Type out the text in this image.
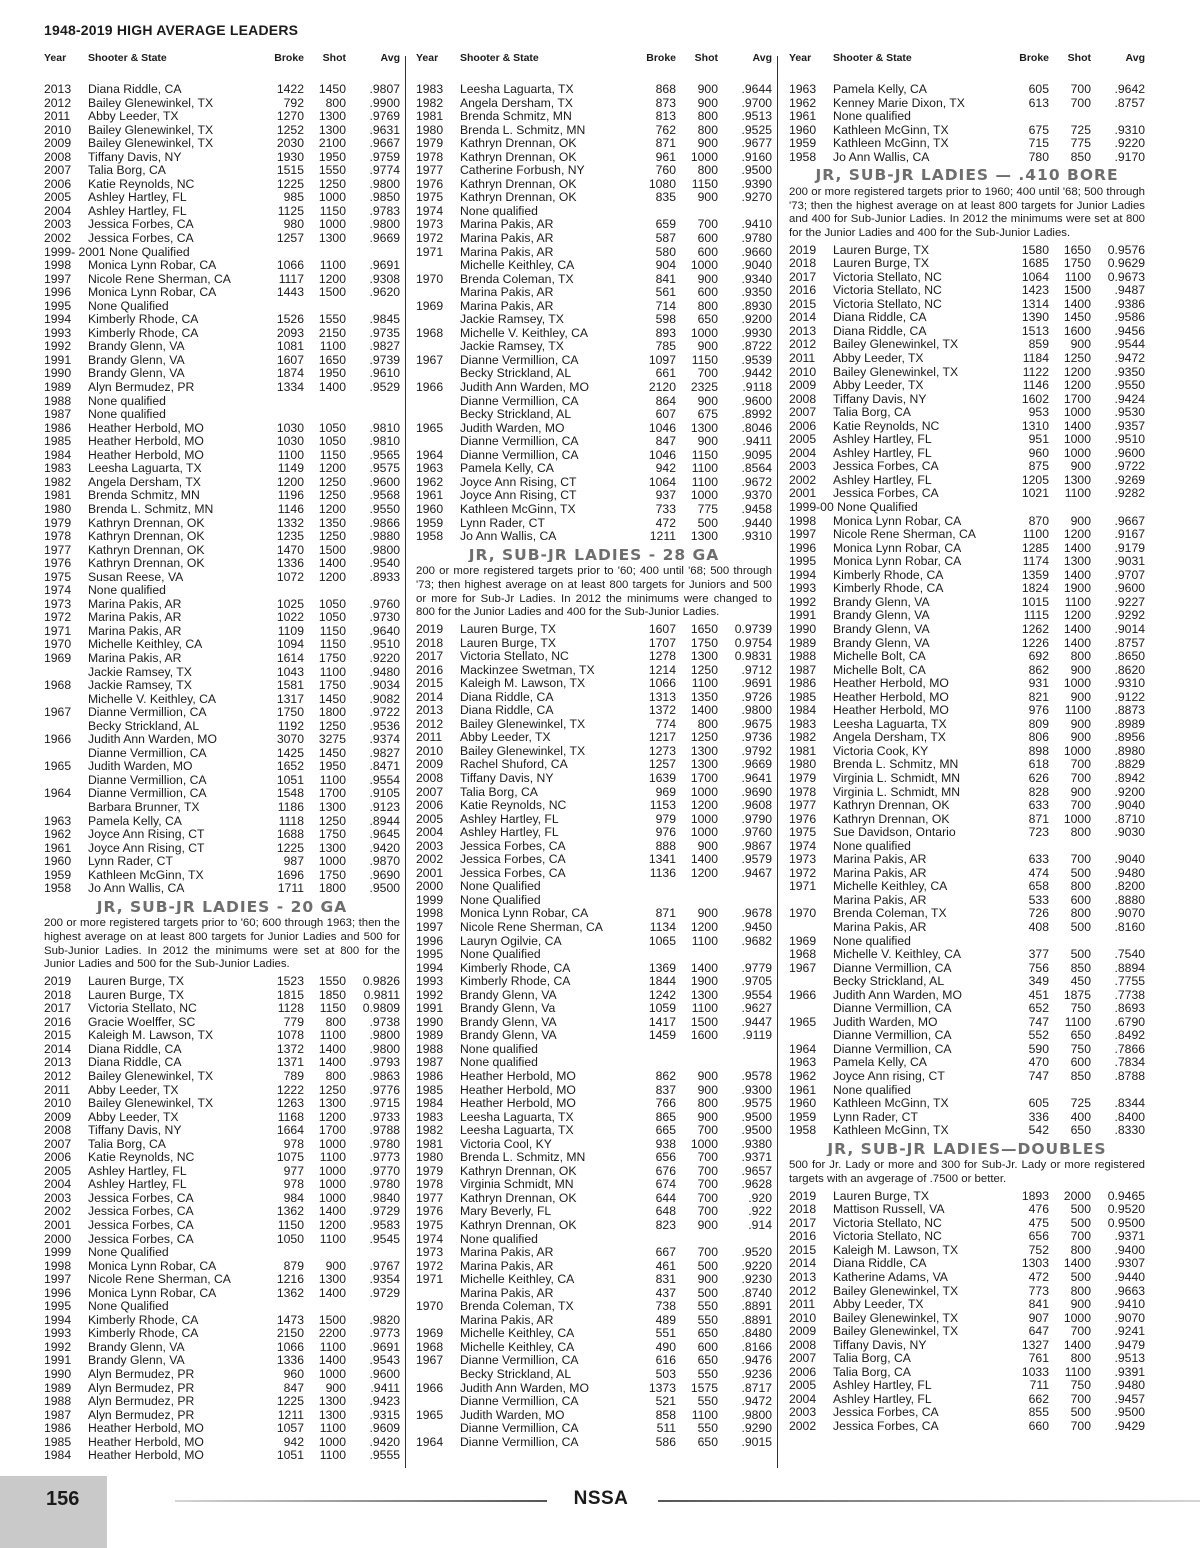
1948-2019 HIGH AVERAGE LEADERS
Year	Shooter & State	Broke	Shot	Avg
2013	Diana Riddle, CA	1422	1450	.9807
2012	Bailey Glenewinkel, TX	792	800	.9900
2011	Abby Leeder, TX	1270	1300	.9769
2010	Bailey Glenewinkel, TX	1252	1300	.9631
2009	Bailey Glenewinkel, TX	2030	2100	.9667
2008	Tiffany Davis, NY	1930	1950	.9759
2007	Talia Borg, CA	1515	1550	.9774
2006	Katie Reynolds, NC	1225	1250	.9800
2005	Ashley Hartley, FL	985	1000	.9850
2004	Ashley Hartley, FL	1125	1150	.9783
2003	Jessica Forbes, CA	980	1000	.9800
2002	Jessica Forbes, CA	1257	1300	.9669
1999- 2001 None Qualified
1998	Monica Lynn Robar, CA	1066	1100	.9691
1997	Nicole Rene Sherman, CA	1117	1200	.9308
1996	Monica Lynn Robar, CA	1443	1500	.9620
1995	None Qualified
1994	Kimberly Rhode, CA	1526	1550	.9845
1993	Kimberly Rhode, CA	2093	2150	.9735
1992	Brandy Glenn, VA	1081	1100	.9827
1991	Brandy Glenn, VA	1607	1650	.9739
1990	Brandy Glenn, VA	1874	1950	.9610
1989	Alyn Bermudez, PR	1334	1400	.9529
1988	None qualified
1987	None qualified
1986	Heather Herbold, MO	1030	1050	.9810
1985	Heather Herbold, MO	1030	1050	.9810
1984	Heather Herbold, MO	1100	1150	.9565
1983	Leesha Laguarta, TX	1149	1200	.9575
1982	Angela Dersham, TX	1200	1250	.9600
1981	Brenda Schmitz, MN	1196	1250	.9568
1980	Brenda L. Schmitz, MN	1146	1200	.9550
1979	Kathryn Drennan, OK	1332	1350	.9866
1978	Kathryn Drennan, OK	1235	1250	.9880
1977	Kathryn Drennan, OK	1470	1500	.9800
1976	Kathryn Drennan, OK	1336	1400	.9540
1975	Susan Reese, VA	1072	1200	.8933
1974	None qualified
1973	Marina Pakis, AR	1025	1050	.9760
1972	Marina Pakis, AR	1022	1050	.9730
1971	Marina Pakis, AR	1109	1150	.9640
1970	Michelle Keithley, CA	1094	1150	.9510
1969	Marina Pakis, AR	1614	1750	.9220
Jackie Ramsey, TX	1043	1100	.9480
1968	Jackie Ramsey, TX	1581	1750	.9034
Michelle V. Keithley, CA	1317	1450	.9082
1967	Dianne Vermillion, CA	1750	1800	.9722
Becky Strickland, AL	1192	1250	.9536
1966	Judith Ann Warden, MO	3070	3275	.9374
Dianne Vermillion, CA	1425	1450	.9827
1965	Judith Warden, MO	1652	1950	.8471
Dianne Vermillion, CA	1051	1100	.9554
1964	Dianne Vermillion, CA	1548	1700	.9105
Barbara Brunner, TX	1186	1300	.9123
1963	Pamela Kelly, CA	1118	1250	.8944
1962	Joyce Ann Rising, CT	1688	1750	.9645
1961	Joyce Ann Rising, CT	1225	1300	.9420
1960	Lynn Rader, CT	987	1000	.9870
1959	Kathleen McGinn, TX	1696	1750	.9690
1958	Jo Ann Wallis, CA	1711	1800	.9500
JR, SUB-JR LADIES - 20 GA

200 or more registered targets prior to '60; 600 through 1963; then the highest average on at least 800 targets for Junior Ladies and 500 for Sub-Junior Ladies. In 2012 the minimums were set at 800 for the Junior Ladies and 500 for the Sub-Junior Ladies.

2019	Lauren Burge, TX	1523	1550	0.9826
2018	Lauren Burge, TX	1815	1850	0.9811
2017	Victoria Stellato, NC	1128	1150	0.9809
2016	Gracie Woelffer, SC	779	800	.9738
2015	Kaleigh M. Lawson, TX	1078	1100	.9800
2014	Diana Riddle, CA	1372	1400	.9800
2013	Diana Riddle, CA	1371	1400	.9793
2012	Bailey Glenewinkel, TX	789	800	.9863
2011	Abby Leeder, TX	1222	1250	.9776
2010	Bailey Glenewinkel, TX	1263	1300	.9715
2009	Abby Leeder, TX	1168	1200	.9733
2008	Tiffany Davis, NY	1664	1700	.9788
2007	Talia Borg, CA	978	1000	.9780
2006	Katie Reynolds, NC	1075	1100	.9773
2005	Ashley Hartley, FL	977	1000	.9770
2004	Ashley Hartley, FL	978	1000	.9780
2003	Jessica Forbes, CA	984	1000	.9840
2002	Jessica Forbes, CA	1362	1400	.9729
2001	Jessica Forbes, CA	1150	1200	.9583
2000	Jessica Forbes, CA	1050	1100	.9545
1999	None Qualified
1998	Monica Lynn Robar, CA	879	900	.9767
1997	Nicole Rene Sherman, CA	1216	1300	.9354
1996	Monica Lynn Robar, CA	1362	1400	.9729
1995	None Qualified
1994	Kimberly Rhode, CA	1473	1500	.9820
1993	Kimberly Rhode, CA	2150	2200	.9773
1992	Brandy Glenn, VA	1066	1100	.9691
1991	Brandy Glenn, VA	1336	1400	.9543
1990	Alyn Bermudez, PR	960	1000	.9600
1989	Alyn Bermudez, PR	847	900	.9411
1988	Alyn Bermudez, PR	1225	1300	.9423
1987	Alyn Bermudez, PR	1211	1300	.9315
1986	Heather Herbold, MO	1057	1100	.9609
1985	Heather Herbold, MO	942	1000	.9420
1984	Heather Herbold, MO	1051	1100	.9555
Year	Shooter & State	Broke	Shot	Avg
1983	Leesha Laguarta, TX	868	900	.9644
1982	Angela Dersham, TX	873	900	.9700
1981	Brenda Schmitz, MN	813	800	.9513
1980	Brenda L. Schmitz, MN	762	800	.9525
1979	Kathryn Drennan, OK	871	900	.9677
1978	Kathryn Drennan, OK	961	1000	.9160
1977	Catherine Forbush, NY	760	800	.9500
1976	Kathryn Drennan, OK	1080	1150	.9390
1975	Kathryn Drennan, OK	835	900	.9270
1974	None qualified
1973	Marina Pakis, AR	659	700	.9410
1972	Marina Pakis, AR	587	600	.9780
1971	Marina Pakis, AR	580	600	.9660
Michelle Keithley, CA	904	1000	.9040
1970	Brenda Coleman, TX	841	900	.9340
Marina Pakis, AR	561	600	.9350
1969	Marina Pakis, AR	714	800	.8930
Jackie Ramsey, TX	598	650	.9200
1968	Michelle V. Keithley, CA	893	1000	.9930
Jackie Ramsey, TX	785	900	.8722
1967	Dianne Vermillion, CA	1097	1150	.9539
Becky Strickland, AL	661	700	.9442
1966	Judith Ann Warden, MO	2120	2325	.9118
Dianne Vermillion, CA	864	900	.9600
Becky Strickland, AL	607	675	.8992
1965	Judith Warden, MO	1046	1300	.8046
Dianne Vermillion, CA	847	900	.9411
1964	Dianne Vermillion, CA	1046	1150	.9095
1963	Pamela Kelly, CA	942	1100	.8564
1962	Joyce Ann Rising, CT	1064	1100	.9672
1961	Joyce Ann Rising, CT	937	1000	.9370
1960	Kathleen McGinn, TX	733	775	.9458
1959	Lynn Rader, CT	472	500	.9440
1958	Jo Ann Wallis, CA	1211	1300	.9310
JR, SUB-JR LADIES - 28 GA

200 or more registered targets prior to '60; 400 until '68; 500 through '73; then highest average on at least 800 targets for Juniors and 500 or more for Sub-Jr Ladies. In 2012 the minimums were changed to 800 for the Junior Ladies and 400 for the Sub-Junior Ladies.

2019	Lauren Burge, TX	1607	1650	0.9739
2018	Lauren Burge, TX	1707	1750	0.9754
2017	Victoria Stellato, NC	1278	1300	0.9831
2016	Mackinzee Swetman, TX	1214	1250	.9712
2015	Kaleigh M. Lawson, TX	1066	1100	.9691
2014	Diana Riddle, CA	1313	1350	.9726
2013	Diana Riddle, CA	1372	1400	.9800
2012	Bailey Glenewinkel, TX	774	800	.9675
2011	Abby Leeder, TX	1217	1250	.9736
2010	Bailey Glenewinkel, TX	1273	1300	.9792
2009	Rachel Shuford, CA	1257	1300	.9669
2008	Tiffany Davis, NY	1639	1700	.9641
2007	Talia Borg, CA	969	1000	.9690
2006	Katie Reynolds, NC	1153	1200	.9608
2005	Ashley Hartley, FL	979	1000	.9790
2004	Ashley Hartley, FL	976	1000	.9760
2003	Jessica Forbes, CA	888	900	.9867
2002	Jessica Forbes, CA	1341	1400	.9579
2001	Jessica Forbes, CA	1136	1200	.9467
2000	None Qualified
1999	None Qualified
1998	Monica Lynn Robar, CA	871	900	.9678
1997	Nicole Rene Sherman, CA	1134	1200	.9450
1996	Lauryn Ogilvie, CA	1065	1100	.9682
1995	None Qualified
1994	Kimberly Rhode, CA	1369	1400	.9779
1993	Kimberly Rhode, CA	1844	1900	.9705
1992	Brandy Glenn, VA	1242	1300	.9554
1991	Brandy Glenn, Va	1059	1100	.9627
1990	Brandy Glenn, VA	1417	1500	.9447
1989	Brandy Glenn, VA	1459	1600	.9119
1988	None qualified
1987	None qualified
1986	Heather Herbold, MO	862	900	.9578
1985	Heather Herbold, MO	837	900	.9300
1984	Heather Herbold, MO	766	800	.9575
1983	Leesha Laguarta, TX	865	900	.9500
1982	Leesha Laguarta, TX	665	700	.9500
1981	Victoria Cool, KY	938	1000	.9380
1980	Brenda L. Schmitz, MN	656	700	.9371
1979	Kathryn Drennan, OK	676	700	.9657
1978	Virginia Schmidt, MN	674	700	.9628
1977	Kathryn Drennan, OK	644	700	.920
1976	Mary Beverly, FL	648	700	.922
1975	Kathryn Drennan, OK	823	900	.914
1974	None qualified
1973	Marina Pakis, AR	667	700	.9520
1972	Marina Pakis, AR	461	500	.9220
1971	Michelle Keithley, CA	831	900	.9230
Marina Pakis, AR	437	500	.8740
1970	Brenda Coleman, TX	738	550	.8891
Marina Pakis, AR	489	550	.8891
1969	Michelle Keithley, CA	551	650	.8480
1968	Michelle Keithley, CA	490	600	.8166
1967	Dianne Vermillion, CA	616	650	.9476
Becky Strickland, AL	503	550	.9236
1966	Judith Ann Warden, MO	1373	1575	.8717
Dianne Vermillion, CA	521	550	.9472
1965	Judith Warden, MO	858	1100	.9800
Dianne Vermillion, CA	511	550	.9290
1964	Dianne Vermillion, CA	586	650	.9015
Year	Shooter & State	Broke	Shot	Avg
1963	Pamela Kelly, CA	605	700	.9642
1962	Kenney Marie Dixon, TX	613	700	.8757
1961	None qualified
1960	Kathleen McGinn, TX	675	725	.9310
1959	Kathleen McGinn, TX	715	775	.9220
1958	Jo Ann Wallis, CA	780	850	.9170
JR, SUB-JR LADIES — .410 BORE

200 or more registered targets prior to 1960; 400 until '68; 500 through '73; then the highest average on at least 800 targets for Junior Ladies and 400 for Sub-Junior Ladies. In 2012 the minimums were set at 800 for the Junior Ladies and 400 for the Sub-Junior Ladies.

2019	Lauren Burge, TX	1580	1650	0.9576
2018	Lauren Burge, TX	1685	1750	0.9629
2017	Victoria Stellato, NC	1064	1100	0.9673
2016	Victoria Stellato, NC	1423	1500	.9487
2015	Victoria Stellato, NC	1314	1400	.9386
2014	Diana Riddle, CA	1390	1450	.9586
2013	Diana Riddle, CA	1513	1600	.9456
2012	Bailey Glenewinkel, TX	859	900	.9544
2011	Abby Leeder, TX	1184	1250	.9472
2010	Bailey Glenewinkel, TX	1122	1200	.9350
2009	Abby Leeder, TX	1146	1200	.9550
2008	Tiffany Davis, NY	1602	1700	.9424
2007	Talia Borg, CA	953	1000	.9530
2006	Katie Reynolds, NC	1310	1400	.9357
2005	Ashley Hartley, FL	951	1000	.9510
2004	Ashley Hartley, FL	960	1000	.9600
2003	Jessica Forbes, CA	875	900	.9722
2002	Ashley Hartley, FL	1205	1300	.9269
2001	Jessica Forbes, CA	1021	1100	.9282
1999-00 None Qualified
1998	Monica Lynn Robar, CA	870	900	.9667
1997	Nicole Rene Sherman, CA	1100	1200	.9167
1996	Monica Lynn Robar, CA	1285	1400	.9179
1995	Monica Lynn Robar, CA	1174	1300	.9031
1994	Kimberly Rhode, CA	1359	1400	.9707
1993	Kimberly Rhode, CA	1824	1900	.9600
1992	Brandy Glenn, VA	1015	1100	.9227
1991	Brandy Glenn, VA	1115	1200	.9292
1990	Brandy Glenn, VA	1262	1400	.9014
1989	Brandy Glenn, VA	1226	1400	.8757
1988	Michelle Bolt, CA	692	800	.8650
1987	Michelle Bolt, CA	862	900	.8620
1986	Heather Herbold, MO	931	1000	.9310
1985	Heather Herbold, MO	821	900	.9122
1984	Heather Herbold, MO	976	1100	.8873
1983	Leesha Laguarta, TX	809	900	.8989
1982	Angela Dersham, TX	806	900	.8956
1981	Victoria Cook, KY	898	1000	.8980
1980	Brenda L. Schmitz, MN	618	700	.8829
1979	Virginia L. Schmidt, MN	626	700	.8942
1978	Virginia L. Schmidt, MN	828	900	.9200
1977	Kathryn Drennan, OK	633	700	.9040
1976	Kathryn Drennan, OK	871	1000	.8710
1975	Sue Davidson, Ontario	723	800	.9030
1974	None qualified
1973	Marina Pakis, AR	633	700	.9040
1972	Marina Pakis, AR	474	500	.9480
1971	Michelle Keithley, CA	658	800	.8200
Marina Pakis, AR	533	600	.8880
1970	Brenda Coleman, TX	726	800	.9070
Marina Pakis, AR	408	500	.8160
1969	None qualified
1968	Michelle V. Keithley, CA	377	500	.7540
1967	Dianne Vermillion, CA	756	850	.8894
Becky Strickland, AL	349	450	.7755
1966	Judith Ann Warden, MO	451	1875	.7738
Dianne Vermillion, CA	652	750	.8693
1965	Judith Warden, MO	747	1100	.6790
Dianne Vermillion, CA	552	650	.8492
1964	Dianne Vermillion, CA	590	750	.7866
1963	Pamela Kelly, CA	470	600	.7834
1962	Joyce Ann rising, CT	747	850	.8788
1961	None qualified
1960	Kathleen McGinn, TX	605	725	.8344
1959	Lynn Rader, CT	336	400	.8400
1958	Kathleen McGinn, TX	542	650	.8330
JR, SUB-JR LADIES—DOUBLES

500 for Jr. Lady or more and 300 for Sub-Jr. Lady or more registered targets with an avgerage of .7500 or better.

2019	Lauren Burge, TX	1893	2000	0.9465
2018	Mattison Russell, VA	476	500	0.9520
2017	Victoria Stellato, NC	475	500	0.9500
2016	Victoria Stellato, NC	656	700	.9371
2015	Kaleigh M. Lawson, TX	752	800	.9400
2014	Diana Riddle, CA	1303	1400	.9307
2013	Katherine Adams, VA	472	500	.9440
2012	Bailey Glenewinkel, TX	773	800	.9663
2011	Abby Leeder, TX	841	900	.9410
2010	Bailey Glenewinkel, TX	907	1000	.9070
2009	Bailey Glenewinkel, TX	647	700	.9241
2008	Tiffany Davis, NY	1327	1400	.9479
2007	Talia Borg, CA	761	800	.9513
2006	Talia Borg, CA	1033	1100	.9391
2005	Ashley Hartley, FL	711	750	.9480
2004	Ashley Hartley, FL	662	700	.9457
2003	Jessica Forbes, CA	855	500	.9500
2002	Jessica Forbes, CA	660	700	.9429
156	NSSA
